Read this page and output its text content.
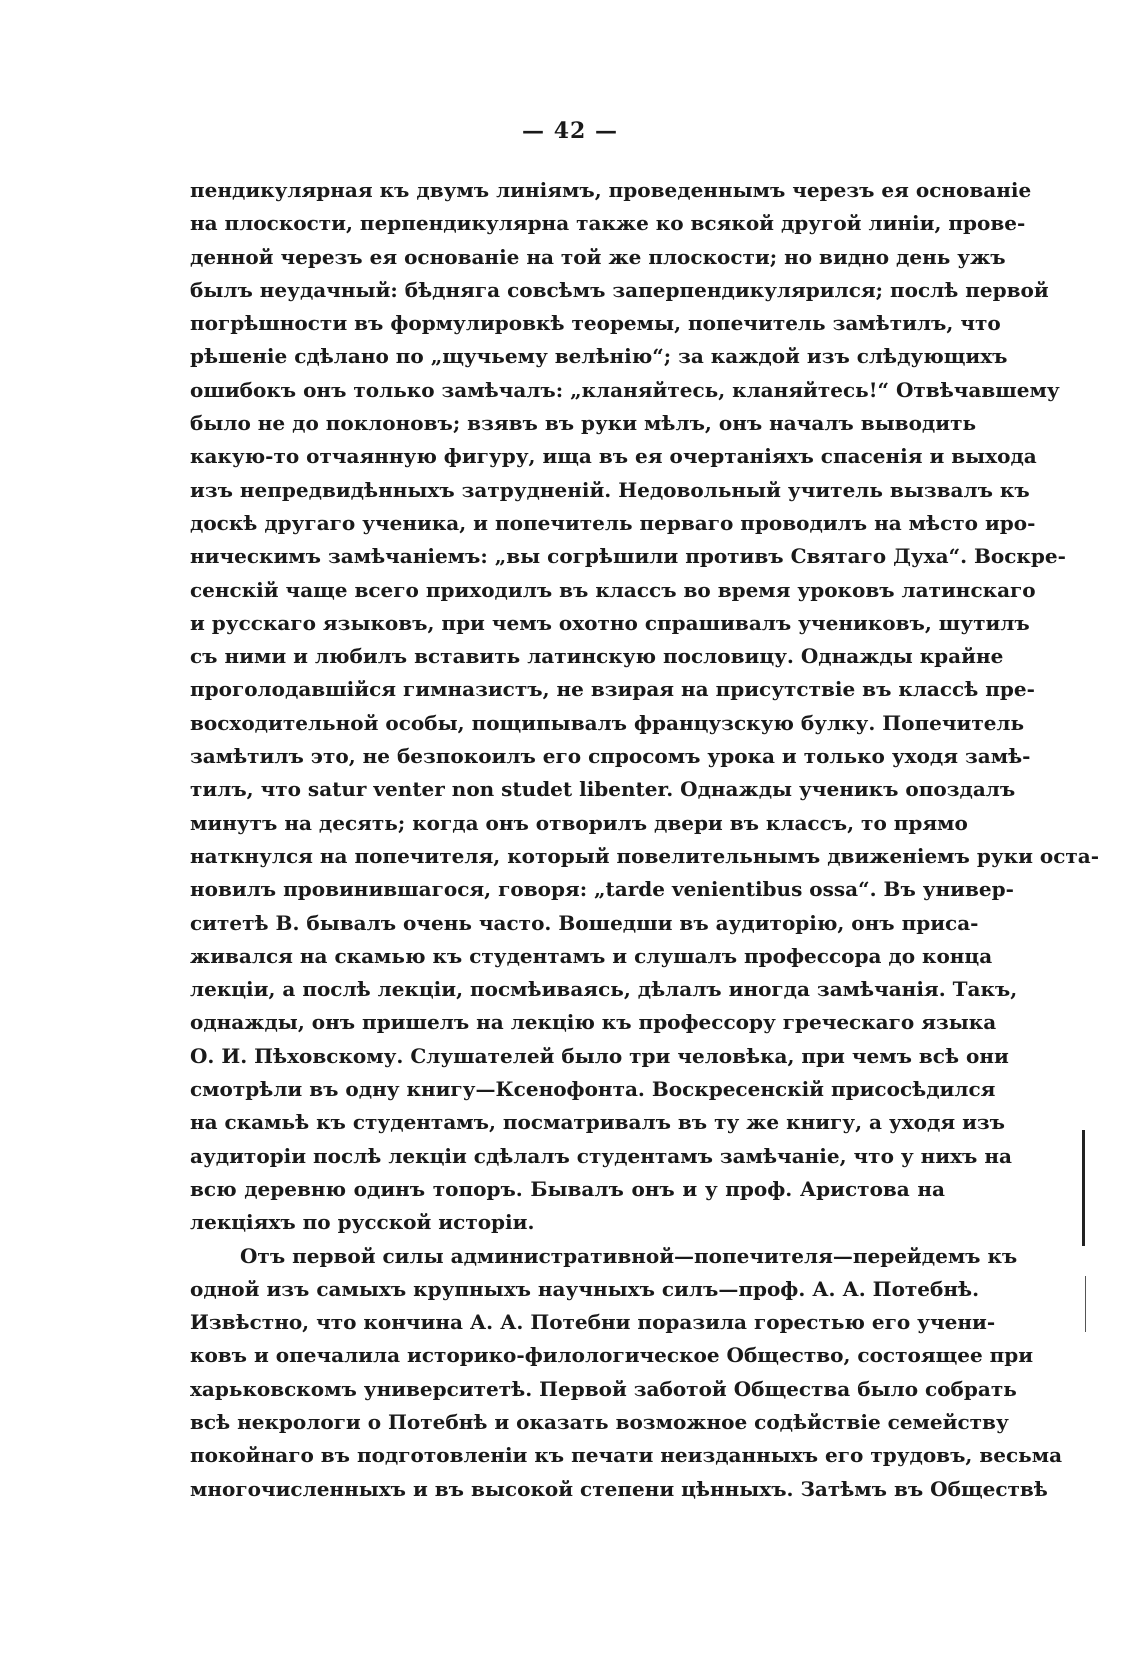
— 42 —
пендикулярная къ двумъ линіямъ, проведеннымъ черезъ ея основаніе
на плоскости, перпендикулярна также ко всякой другой линіи, прове-
денной черезъ ея основаніе на той же плоскости; но видно день ужъ
былъ неудачный: бѣдняга совсѣмъ заперпендикулярился; послѣ первой
погрѣшности въ формулировкѣ теоремы, попечитель замѣтилъ, что
рѣшеніе сдѣлано по „щучьему велѣнію“; за каждой изъ слѣдующихъ
ошибокъ онъ только замѣчалъ: „кланяйтесь, кланяйтесь!“ Отвѣчавшему
было не до поклоновъ; взявъ въ руки мѣлъ, онъ началъ выводить
какую-то отчаянную фигуру, ища въ ея очертаніяхъ спасенія и выхода
изъ непредвидѣнныхъ затрудненій. Недовольный учитель вызвалъ къ
доскѣ другаго ученика, и попечитель перваго проводилъ на мѣсто иро-
ническимъ замѣчаніемъ: „вы согрѣшили противъ Святаго Духа“. Воскре-
сенскій чаще всего приходилъ въ классъ во время уроковъ латинскаго
и русскаго языковъ, при чемъ охотно спрашивалъ учениковъ, шутилъ
съ ними и любилъ вставить латинскую пословицу. Однажды крайне
проголодавшійся гимназистъ, не взирая на присутствіе въ классѣ пре-
восходительной особы, пощипывалъ французскую булку. Попечитель
замѣтилъ это, не безпокоилъ его спросомъ урока и только уходя замѣ-
тилъ, что satur venter non studet libenter. Однажды ученикъ опоздалъ
минутъ на десять; когда онъ отворилъ двери въ классъ, то прямо
наткнулся на попечителя, который повелительнымъ движеніемъ руки оста-
новилъ провинившагося, говоря: „tarde venientibus ossa“. Въ универ-
ситетѣ В. бывалъ очень часто. Вошедши въ аудиторію, онъ приса-
живался на скамью къ студентамъ и слушалъ профессора до конца
лекціи, а послѣ лекціи, посмѣиваясь, дѣлалъ иногда замѣчанія. Такъ,
однажды, онъ пришелъ на лекцію къ профессору греческаго языка
О. И. Пѣховскому. Слушателей было три человѣка, при чемъ всѣ они
смотрѣли въ одну книгу—Ксенофонта. Воскресенскій присосѣдился
на скамьѣ къ студентамъ, посматривалъ въ ту же книгу, а уходя изъ
аудиторіи послѣ лекціи сдѣлалъ студентамъ замѣчаніе, что у нихъ на
всю деревню одинъ топоръ. Бывалъ онъ и у проф. Аристова на
лекціяхъ по русской исторіи.
Отъ первой силы административной—попечителя—перейдемъ къ
одной изъ самыхъ крупныхъ научныхъ силъ—проф. А. А. Потебнѣ.
Извѣстно, что кончина А. А. Потебни поразила горестью его учени-
ковъ и опечалила историко-филологическое Общество, состоящее при
харьковскомъ университетѣ. Первой заботой Общества было собрать
всѣ некрологи о Потебнѣ и оказать возможное содѣйствіе семейству
покойнаго въ подготовленіи къ печати неизданныхъ его трудовъ, весьма
многочисленныхъ и въ высокой степени цѣнныхъ. Затѣмъ въ Обществѣ
